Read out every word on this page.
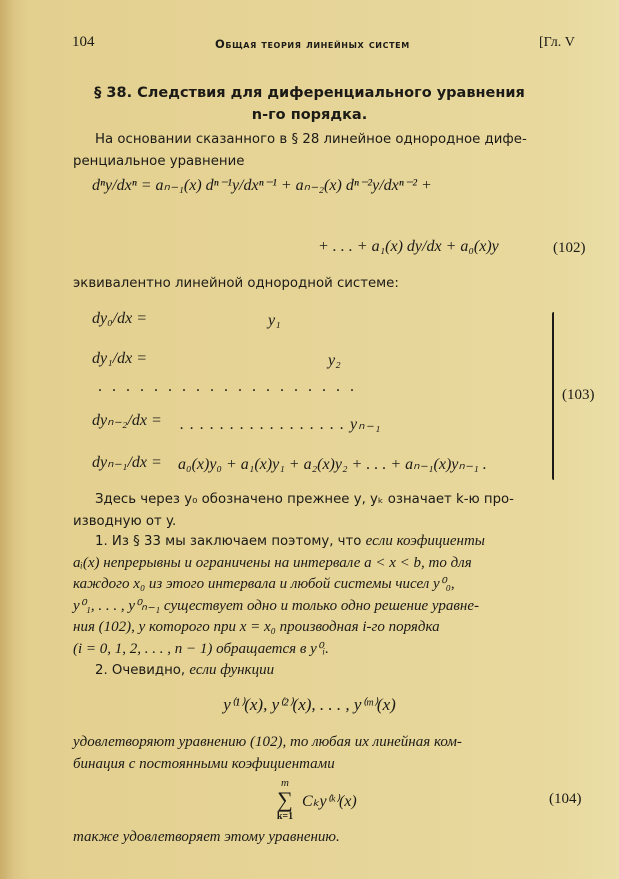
104	Общая теория линейных систем	[Гл. V
§ 38. Следствия для диференциального уравнения
n-го порядка.
На основании сказанного в § 28 линейное однородное дифе-
ренциальное уравнение
dⁿy/dxⁿ = aₙ₋₁(x) dⁿ⁻¹y/dxⁿ⁻¹ + aₙ₋₂(x) dⁿ⁻²y/dxⁿ⁻² +
+ . . . + a₁(x) dy/dx + a₀(x)y	(102)
эквивалентно линейной однородной системе:
dy₀/dx =	y₁
dy₁/dx =	y₂
. . . . . . . . . . . . . . . . . . .
dyₙ₋₂/dx = . . . . . . . . . . . . . . . . . yₙ₋₁
dyₙ₋₁/dx = a₀(x)y₀ + a₁(x)y₁ + a₂(x)y₂ + . . . + aₙ₋₁(x)yₙ₋₁ .
(103)
Здесь через y₀ обозначено прежнее y, yₖ означает k-ю про-
изводную от y.
1. Из § 33 мы заключаем поэтому, что если коэфициенты
aᵢ(x) непрерывны и ограничены на интервале a < x < b, то для
каждого x₀ из этого интервала и любой системы чисел y⁰₀,
y⁰₁, . . . , y⁰ₙ₋₁ существует одно и только одно решение уравне-
ния (102), у которого при x = x₀ производная i-го порядка
(i = 0, 1, 2, . . . , n − 1) обращается в y⁰ᵢ.
2. Очевидно, если функции
y⁽¹⁾(x), y⁽²⁾(x), . . . , y⁽ᵐ⁾(x)
удовлетворяют уравнению (102), то любая их линейная ком-
бинация с постоянными коэфициентами
m
∑
k=1
Cₖy⁽ᵏ⁾(x)	(104)
также удовлетворяет этому уравнению.
